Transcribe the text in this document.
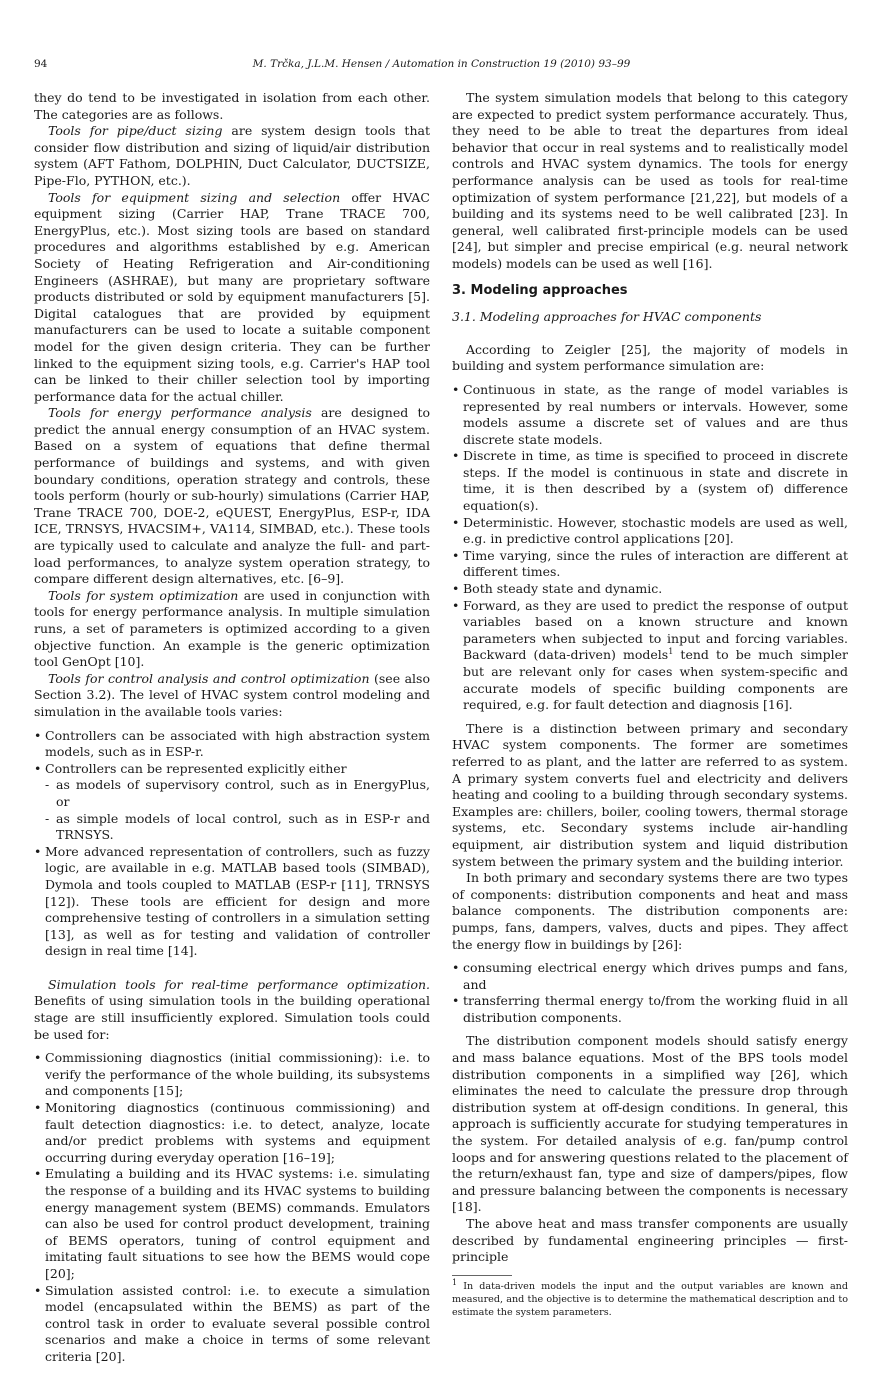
94	M. Trčka, J.L.M. Hensen / Automation in Construction 19 (2010) 93–99

they do tend to be investigated in isolation from each other. The categories are as follows.

Tools for pipe/duct sizing are system design tools that consider flow distribution and sizing of liquid/air distribution system (AFT Fathom, DOLPHIN, Duct Calculator, DUCTSIZE, Pipe-Flo, PYTHON, etc.).

Tools for equipment sizing and selection offer HVAC equipment sizing (Carrier HAP, Trane TRACE 700, EnergyPlus, etc.). Most sizing tools are based on standard procedures and algorithms established by e.g. American Society of Heating Refrigeration and Air-conditioning Engineers (ASHRAE), but many are proprietary software products distributed or sold by equipment manufacturers [5]. Digital catalogues that are provided by equipment manufacturers can be used to locate a suitable component model for the given design criteria. They can be further linked to the equipment sizing tools, e.g. Carrier's HAP tool can be linked to their chiller selection tool by importing performance data for the actual chiller.

Tools for energy performance analysis are designed to predict the annual energy consumption of an HVAC system. Based on a system of equations that define thermal performance of buildings and systems, and with given boundary conditions, operation strategy and controls, these tools perform (hourly or sub-hourly) simulations (Carrier HAP, Trane TRACE 700, DOE-2, eQUEST, EnergyPlus, ESP-r, IDA ICE, TRNSYS, HVACSIM+, VA114, SIMBAD, etc.). These tools are typically used to calculate and analyze the full- and part-load performances, to analyze system operation strategy, to compare different design alternatives, etc. [6–9].

Tools for system optimization are used in conjunction with tools for energy performance analysis. In multiple simulation runs, a set of parameters is optimized according to a given objective function. An example is the generic optimization tool GenOpt [10].

Tools for control analysis and control optimization (see also Section 3.2). The level of HVAC system control modeling and simulation in the available tools varies:

• Controllers can be associated with high abstraction system models, such as in ESP-r.
• Controllers can be represented explicitly either
- as models of supervisory control, such as in EnergyPlus, or
- as simple models of local control, such as in ESP-r and TRNSYS.
• More advanced representation of controllers, such as fuzzy logic, are available in e.g. MATLAB based tools (SIMBAD), Dymola and tools coupled to MATLAB (ESP-r [11], TRNSYS [12]). These tools are efficient for design and more comprehensive testing of controllers in a simulation setting [13], as well as for testing and validation of controller design in real time [14].

Simulation tools for real-time performance optimization. Benefits of using simulation tools in the building operational stage are still insufficiently explored. Simulation tools could be used for:

• Commissioning diagnostics (initial commissioning): i.e. to verify the performance of the whole building, its subsystems and components [15];
• Monitoring diagnostics (continuous commissioning) and fault detection diagnostics: i.e. to detect, analyze, locate and/or predict problems with systems and equipment occurring during everyday operation [16–19];
• Emulating a building and its HVAC systems: i.e. simulating the response of a building and its HVAC systems to building energy management system (BEMS) commands. Emulators can also be used for control product development, training of BEMS operators, tuning of control equipment and imitating fault situations to see how the BEMS would cope [20];
• Simulation assisted control: i.e. to execute a simulation model (encapsulated within the BEMS) as part of the control task in order to evaluate several possible control scenarios and make a choice in terms of some relevant criteria [20].

The system simulation models that belong to this category are expected to predict system performance accurately. Thus, they need to be able to treat the departures from ideal behavior that occur in real systems and to realistically model controls and HVAC system dynamics. The tools for energy performance analysis can be used as tools for real-time optimization of system performance [21,22], but models of a building and its systems need to be well calibrated [23]. In general, well calibrated first-principle models can be used [24], but simpler and precise empirical (e.g. neural network models) models can be used as well [16].

3. Modeling approaches
3.1. Modeling approaches for HVAC components

According to Zeigler [25], the majority of models in building and system performance simulation are:

• Continuous in state, as the range of model variables is represented by real numbers or intervals. However, some models assume a discrete set of values and are thus discrete state models.
• Discrete in time, as time is specified to proceed in discrete steps. If the model is continuous in state and discrete in time, it is then described by a (system of) difference equation(s).
• Deterministic. However, stochastic models are used as well, e.g. in predictive control applications [20].
• Time varying, since the rules of interaction are different at different times.
• Both steady state and dynamic.
• Forward, as they are used to predict the response of output variables based on a known structure and known parameters when subjected to input and forcing variables. Backward (data-driven) models$^1$ tend to be much simpler but are relevant only for cases when system-specific and accurate models of specific building components are required, e.g. for fault detection and diagnosis [16].

There is a distinction between primary and secondary HVAC system components. The former are sometimes referred to as plant, and the latter are referred to as system. A primary system converts fuel and electricity and delivers heating and cooling to a building through secondary systems. Examples are: chillers, boiler, cooling towers, thermal storage systems, etc. Secondary systems include air-handling equipment, air distribution system and liquid distribution system between the primary system and the building interior.

In both primary and secondary systems there are two types of components: distribution components and heat and mass balance components. The distribution components are: pumps, fans, dampers, valves, ducts and pipes. They affect the energy flow in buildings by [26]:

• consuming electrical energy which drives pumps and fans, and
• transferring thermal energy to/from the working fluid in all distribution components.

The distribution component models should satisfy energy and mass balance equations. Most of the BPS tools model distribution components in a simplified way [26], which eliminates the need to calculate the pressure drop through distribution system at off-design conditions. In general, this approach is sufficiently accurate for studying temperatures in the system. For detailed analysis of e.g. fan/pump control loops and for answering questions related to the placement of the return/exhaust fan, type and size of dampers/pipes, flow and pressure balancing between the components is necessary [18].

The above heat and mass transfer components are usually described by fundamental engineering principles — first-principle

$^1$ In data-driven models the input and the output variables are known and measured, and the objective is to determine the mathematical description and to estimate the system parameters.
